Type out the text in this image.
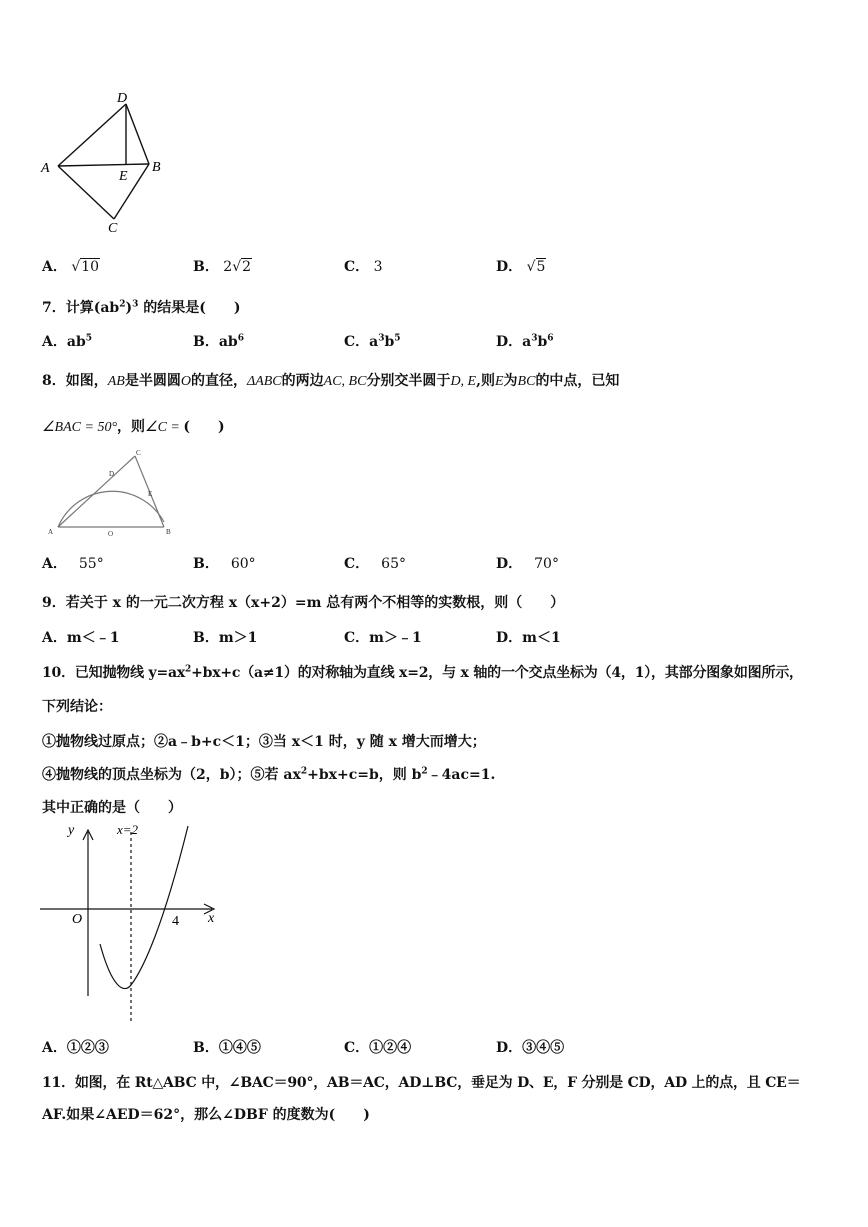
D
A	B
E
C
A． √10	B． 2√2	C． 3	D． √5
7．计算$(ab^2)^3$ 的结果是(　　)
A．$ab^5$	B．$ab^6$	C．$a^3b^5$	D．$a^3b^6$
8．如图，AB是半圆圆O的直径，ΔABC的两边AC, BC分别交半圆于D, E,则E为BC的中点，已知
∠BAC = 50°，则∠C = (　　)
A	B
C
D
E
O
A． 55°	B． 60°	C． 65°	D． 70°
9．若关于 x 的一元二次方程 x（x+2）=m 总有两个不相等的实数根，则（　　）
A．m＜﹣1	B．m＞1	C．m＞﹣1	D．m＜1
10．已知抛物线 $y=ax^2+bx+c(a\ne 1)$的对称轴为直线 x=2，与 x 轴的一个交点坐标为（4，1），其部分图象如图所示，
下列结论：
①抛物线过原点；②a﹣b+c＜1；③当 x＜1 时，y 随 x 增大而增大；
④抛物线的顶点坐标为（2，b）；⑤若 $ax^2+bx+c=b$，则 $b^2﹣4ac=1$.
其中正确的是（　　）
y	x=2
x
O	4
A．①②③	B．①④⑤	C．①②④	D．③④⑤
11．如图，在 Rt△ABC 中，∠BAC＝90°，AB＝AC，AD⊥BC，垂足为 D、E，F 分别是 CD，AD 上的点，且 CE＝
AF.如果∠AED＝62°，那么∠DBF 的度数为(　　)
